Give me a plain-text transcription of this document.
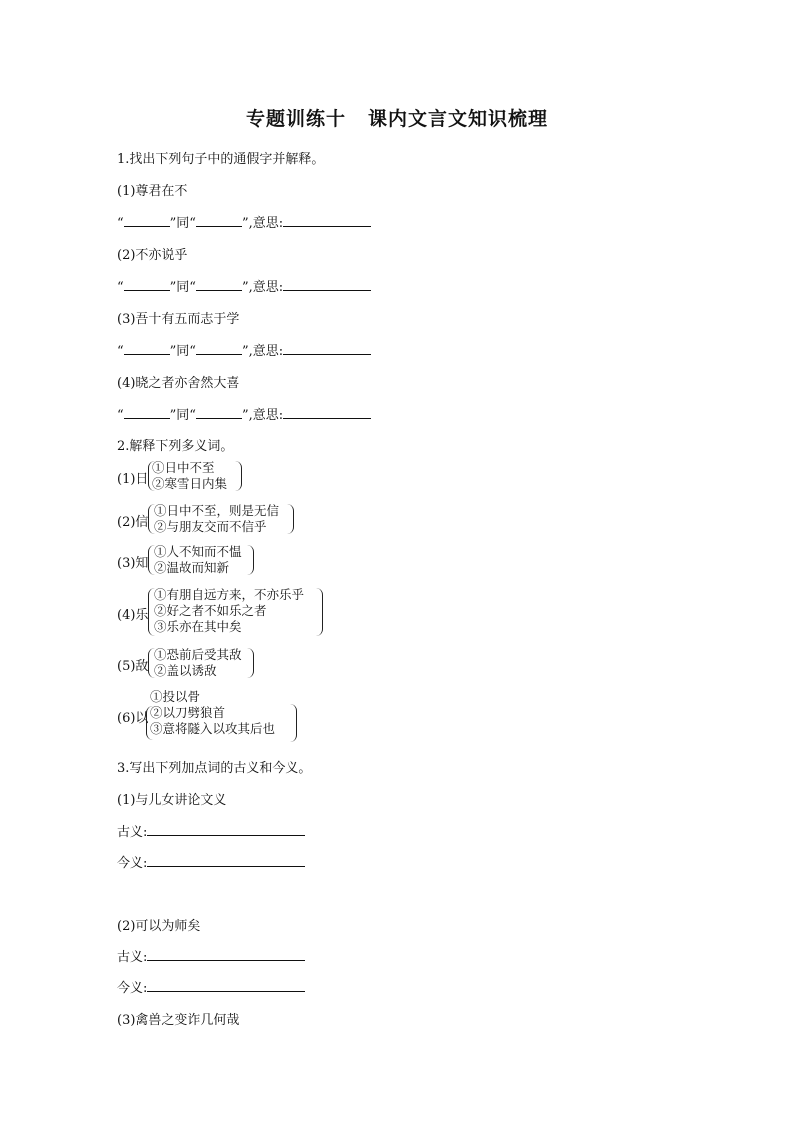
专题训练十 课内文言文知识梳理
1.找出下列句子中的通假字并解释。
(1)尊君在不
“	”同“	”,意思:
(2)不亦说乎
“	”同“	”,意思:
(3)吾十有五而志于学
“	”同“	”,意思:
(4)晓之者亦舍然大喜
“	”同“	”,意思:
2.解释下列多义词。
(1)日
①日中不至
②寒雪日内集
(2)信
①日中不至，则是无信
②与朋友交而不信乎
(3)知
①人不知而不愠
②温故而知新
(4)乐
①有朋自远方来，不亦乐乎
②好之者不如乐之者
③乐亦在其中矣
(5)敌
①恐前后受其敌
②盖以诱敌
(6)以
①投以骨
②以刀劈狼首
③意将隧入以攻其后也
3.写出下列加点词的古义和今义。
(1)与儿女讲论文义
古义:
今义:
(2)可以为师矣
古义:
今义:
(3)禽兽之变诈几何哉
